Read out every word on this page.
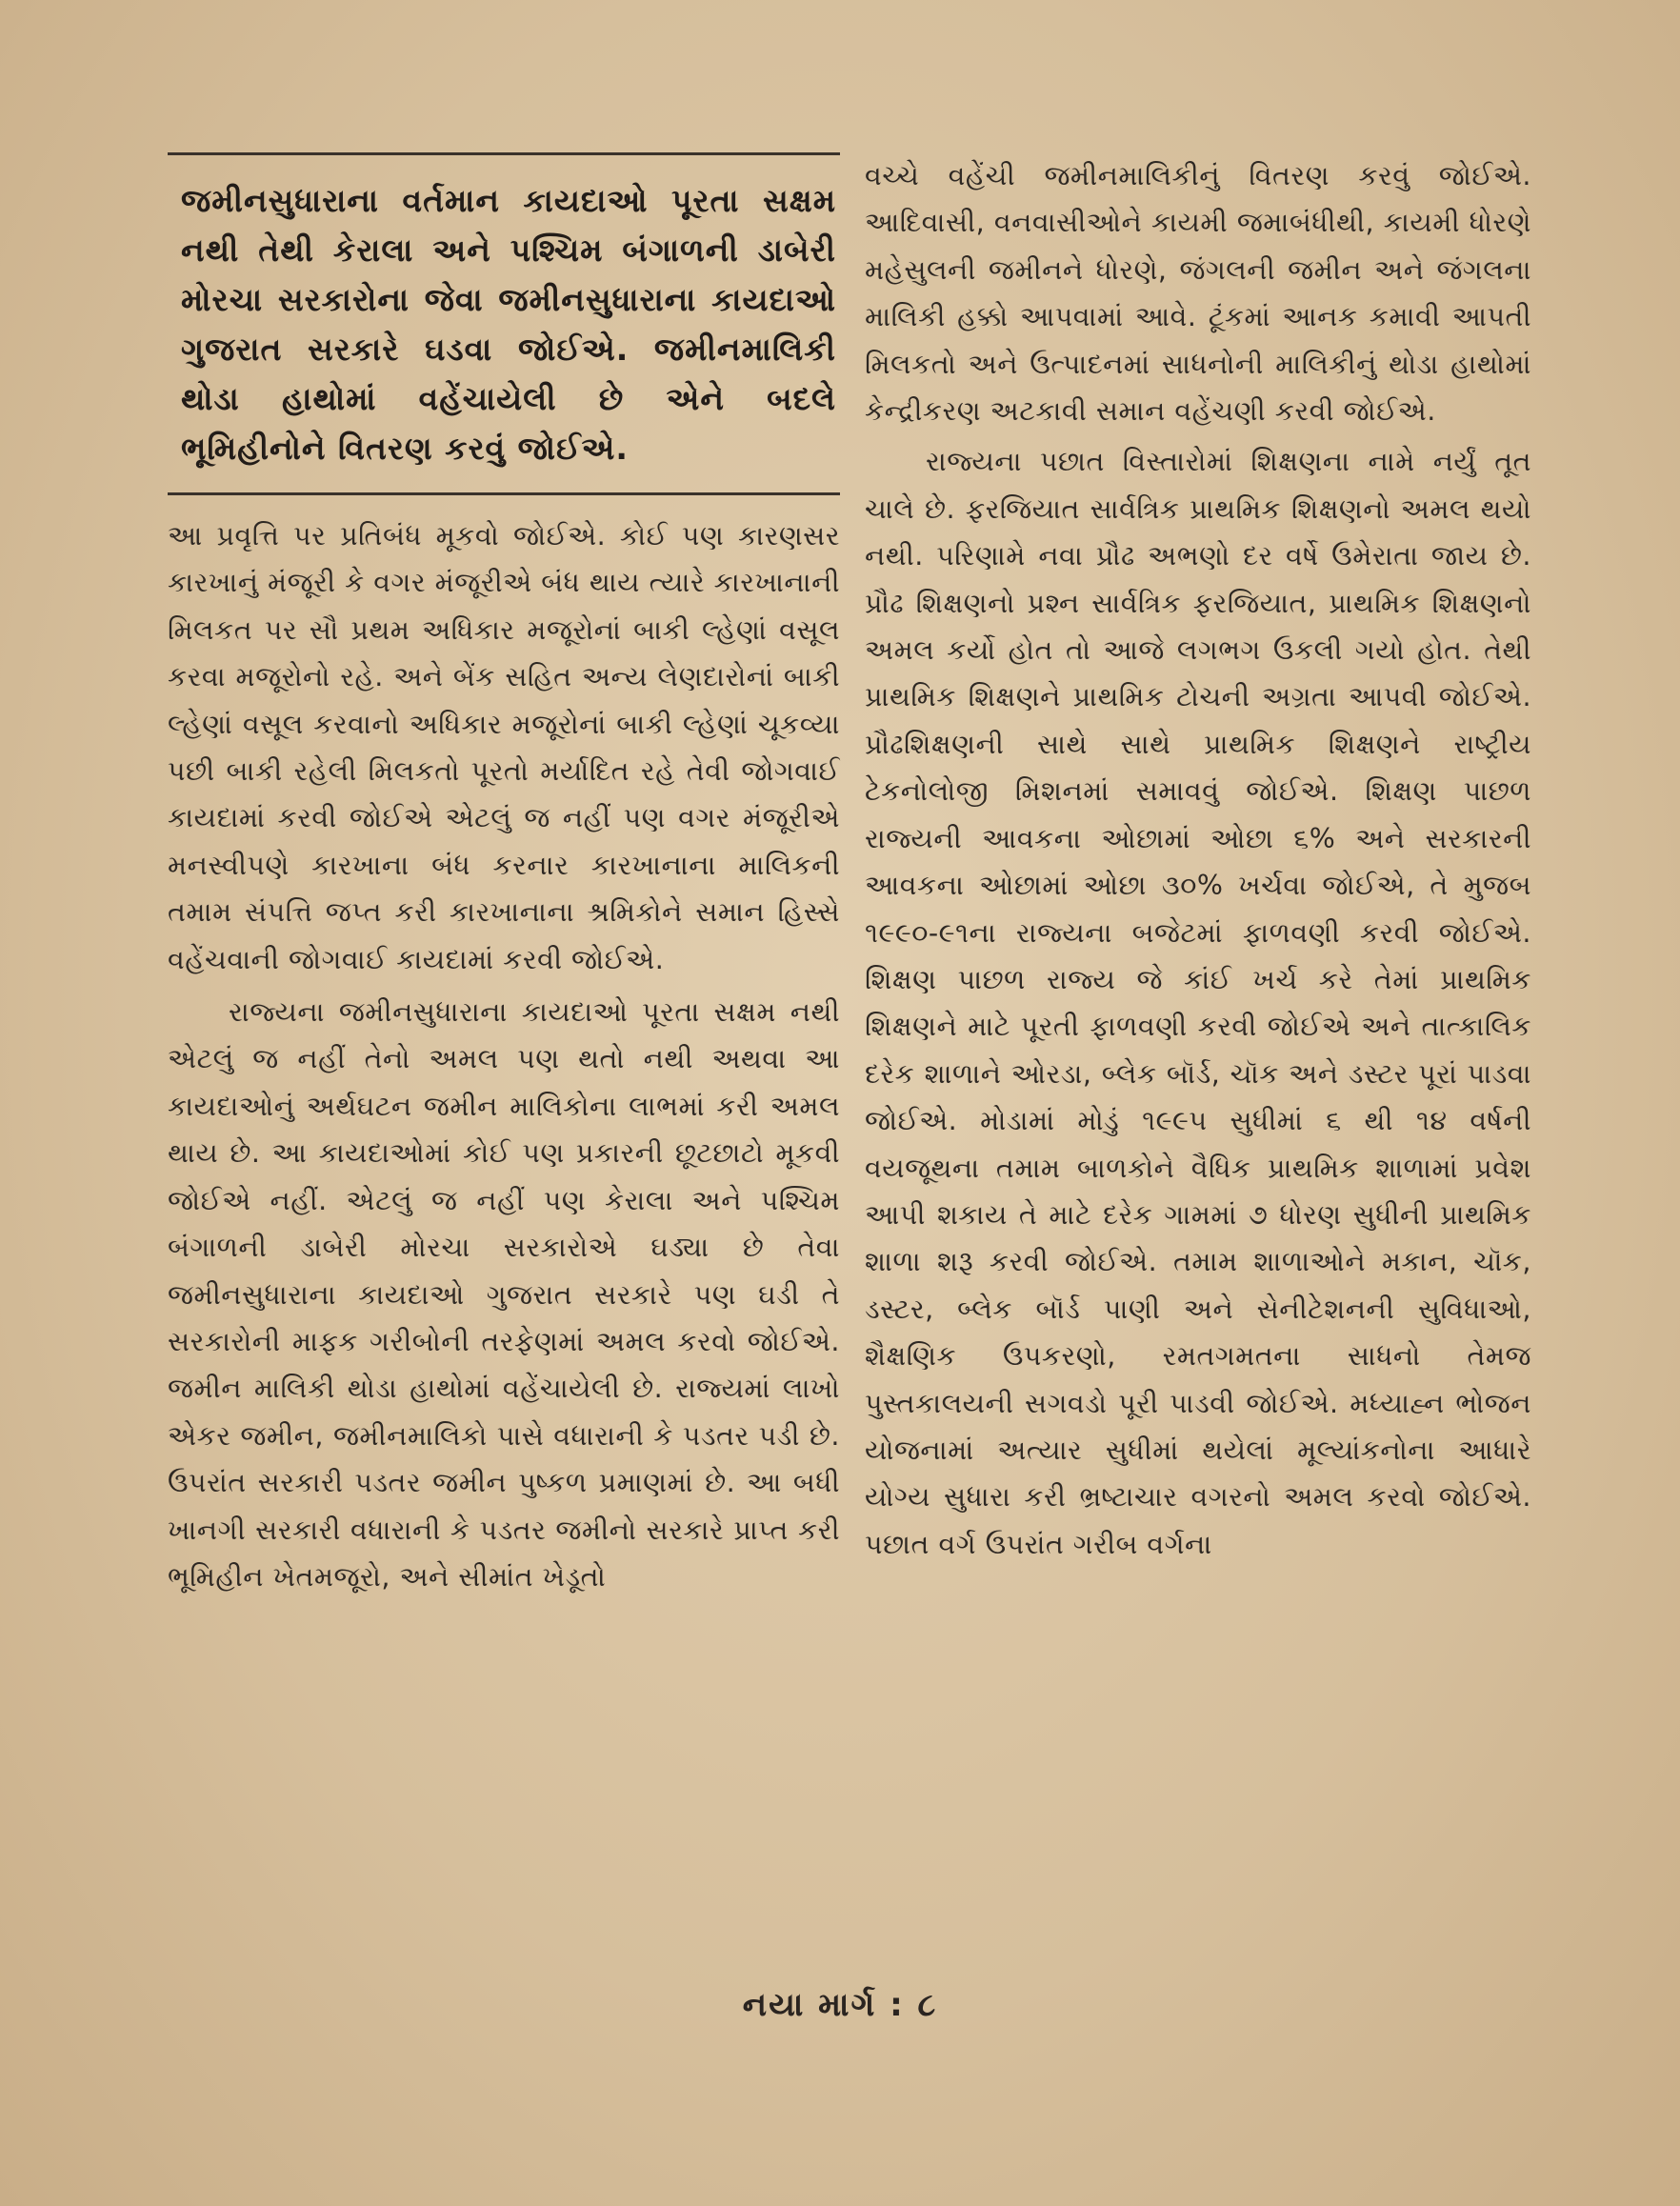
જમીનસુધારાના વર્તમાન કાયદાઓ પૂરતા સક્ષમ નથી તેથી કેરાલા અને પશ્ચિમ બંગાળની ડાબેરી મોરચા સરકારોના જેવા જમીનસુધારાના કાયદાઓ ગુજરાત સરકારે ઘડવા જોઈએ. જમીનમાલિકી થોડા હાથોમાં વહેંચાયેલી છે એને બદલે ભૂમિહીનોને વિતરણ કરવું જોઈએ.

આ પ્રવૃત્તિ પર પ્રતિબંધ મૂકવો જોઈએ. કોઈ પણ કારણસર કારખાનું મંજૂરી કે વગર મંજૂરીએ બંધ થાય ત્યારે કારખાનાની મિલકત પર સૌ પ્રથમ અધિકાર મજૂરોનાં બાકી લ્હેણાં વસૂલ કરવા મજૂરોનો રહે. અને બેંક સહિત અન્ય લેણદારોનાં બાકી લ્હેણાં વસૂલ કરવાનો અધિકાર મજૂરોનાં બાકી લ્હેણાં ચૂકવ્યા પછી બાકી રહેલી મિલકતો પૂરતો મર્યાદિત રહે તેવી જોગવાઈ કાયદામાં કરવી જોઈએ એટલું જ નહીં પણ વગર મંજૂરીએ મનસ્વીપણે કારખાના બંધ કરનાર કારખાનાના માલિકની તમામ સંપત્તિ જપ્ત કરી કારખાનાના શ્રમિકોને સમાન હિસ્સે વહેંચવાની જોગવાઈ કાયદામાં કરવી જોઈએ.

રાજ્યના જમીનસુધારાના કાયદાઓ પૂરતા સક્ષમ નથી એટલું જ નહીં તેનો અમલ પણ થતો નથી અથવા આ કાયદાઓનું અર્થઘટન જમીન માલિકોના લાભમાં કરી અમલ થાય છે. આ કાયદાઓમાં કોઈ પણ પ્રકારની છૂટછાટો મૂકવી જોઈએ નહીં. એટલું જ નહીં પણ કેરાલા અને પશ્ચિમ બંગાળની ડાબેરી મોરચા સરકારોએ ઘડ્યા છે તેવા જમીનસુધારાના કાયદાઓ ગુજરાત સરકારે પણ ઘડી તે સરકારોની માફક ગરીબોની તરફેણમાં અમલ કરવો જોઈએ. જમીન માલિકી થોડા હાથોમાં વહેંચાયેલી છે. રાજ્યમાં લાખો એકર જમીન, જમીનમાલિકો પાસે વધારાની કે પડતર પડી છે. ઉપરાંત સરકારી પડતર જમીન પુષ્કળ પ્રમાણમાં છે. આ બધી ખાનગી સરકારી વધારાની કે પડતર જમીનો સરકારે પ્રાપ્ત કરી ભૂમિહીન ખેતમજૂરો, અને સીમાંત ખેડૂતો

વચ્ચે વહેંચી જમીનમાલિકીનું વિતરણ કરવું જોઈએ. આદિવાસી, વનવાસીઓને કાયમી જમાબંધીથી, કાયમી ધોરણે મહેસુલની જમીનને ધોરણે, જંગલની જમીન અને જંગલના માલિકી હક્કો આપવામાં આવે. ટૂંકમાં આનક કમાવી આપતી મિલકતો અને ઉત્પાદનમાં સાધનોની માલિકીનું થોડા હાથોમાં કેન્દ્રીકરણ અટકાવી સમાન વહેંચણી કરવી જોઈએ.

રાજ્યના પછાત વિસ્તારોમાં શિક્ષણના નામે નર્યું તૂત ચાલે છે. ફરજિયાત સાર્વત્રિક પ્રાથમિક શિક્ષણનો અમલ થયો નથી. પરિણામે નવા પ્રૌઢ અભણો દર વર્ષે ઉમેરાતા જાય છે. પ્રૌઢ શિક્ષણનો પ્રશ્ન સાર્વત્રિક ફરજિયાત, પ્રાથમિક શિક્ષણનો અમલ કર્યો હોત તો આજે લગભગ ઉકલી ગયો હોત. તેથી પ્રાથમિક શિક્ષણને પ્રાથમિક ટોચની અગ્રતા આપવી જોઈએ. પ્રૌઢશિક્ષણની સાથે સાથે પ્રાથમિક શિક્ષણને રાષ્ટ્રીય ટેકનોલોજી મિશનમાં સમાવવું જોઈએ. શિક્ષણ પાછળ રાજ્યની આવકના ઓછામાં ઓછા ૬% અને સરકારની આવકના ઓછામાં ઓછા ૩૦% ખર્ચવા જોઈએ, તે મુજબ ૧૯૯૦-૯૧ના રાજ્યના બજેટમાં ફાળવણી કરવી જોઈએ. શિક્ષણ પાછળ રાજ્ય જે કાંઈ ખર્ચ કરે તેમાં પ્રાથમિક શિક્ષણને માટે પૂરતી ફાળવણી કરવી જોઈએ અને તાત્કાલિક દરેક શાળાને ઓરડા, બ્લેક બૉર્ડ, ચૉક અને ડસ્ટર પૂરાં પાડવા જોઈએ. મોડામાં મોડું ૧૯૯૫ સુધીમાં ૬ થી ૧૪ વર્ષની વયજૂથના તમામ બાળકોને વૈધિક પ્રાથમિક શાળામાં પ્રવેશ આપી શકાય તે માટે દરેક ગામમાં ૭ ધોરણ સુધીની પ્રાથમિક શાળા શરૂ કરવી જોઈએ. તમામ શાળાઓને મકાન, ચૉક, ડસ્ટર, બ્લેક બૉર્ડ પાણી અને સેનીટેશનની સુવિધાઓ, શૈક્ષણિક ઉપકરણો, રમતગમતના સાધનો તેમજ પુસ્તકાલયની સગવડો પૂરી પાડવી જોઈએ. મધ્યાહ્ન ભોજન યોજનામાં અત્યાર સુધીમાં થયેલાં મૂલ્યાંકનોના આધારે યોગ્ય સુધારા કરી ભ્રષ્ટાચાર વગરનો અમલ કરવો જોઈએ. પછાત વર્ગ ઉપરાંત ગરીબ વર્ગના

નયા માર્ગ : ૮
